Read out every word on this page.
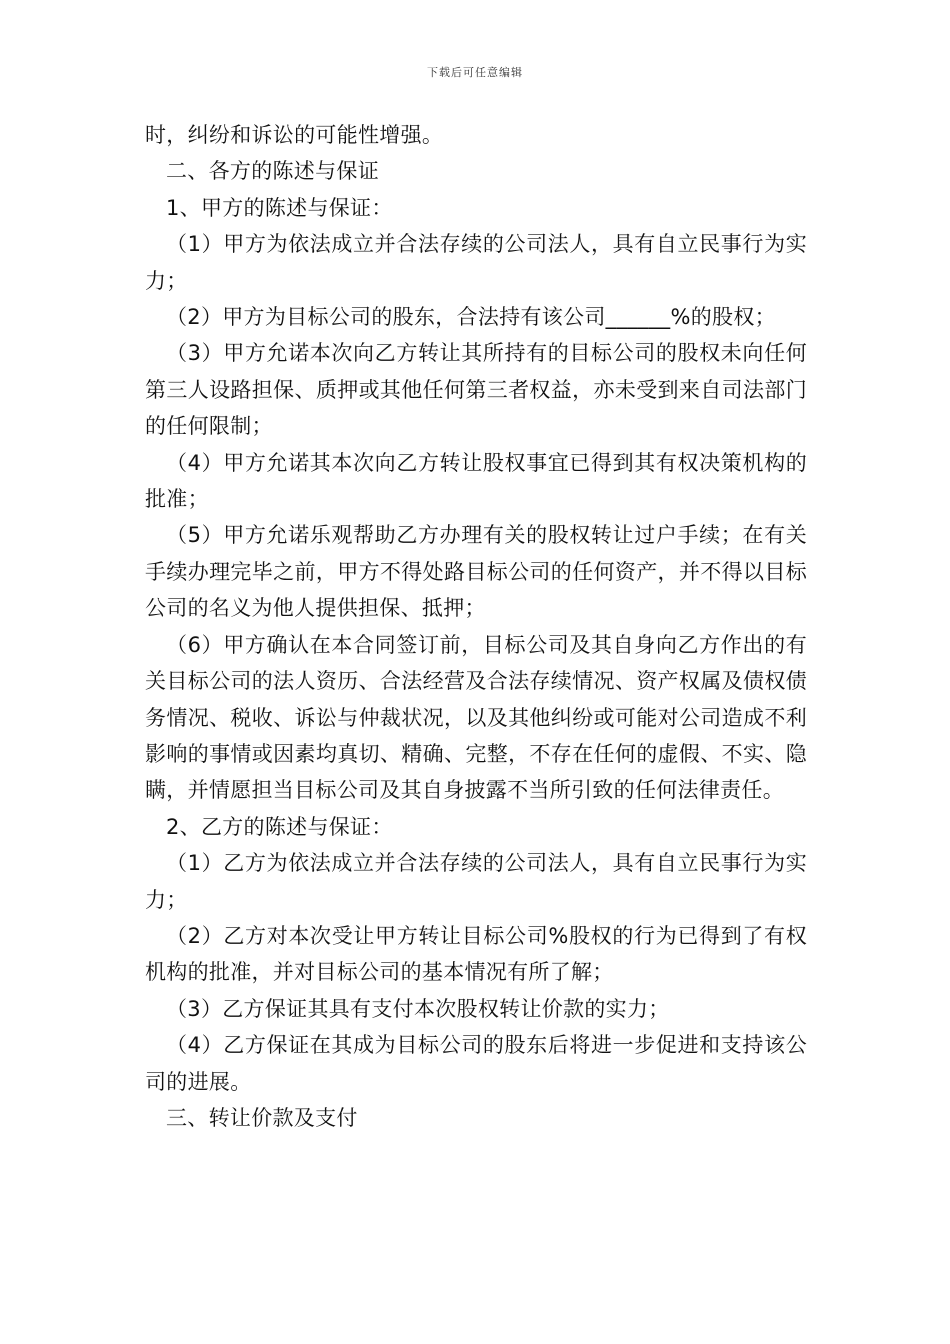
下载后可任意编辑

时，纠纷和诉讼的可能性增强。

二、各方的陈述与保证

1、甲方的陈述与保证：

（1）甲方为依法成立并合法存续的公司法人，具有自立民事行为实力；

（2）甲方为目标公司的股东，合法持有该公司______%的股权；

（3）甲方允诺本次向乙方转让其所持有的目标公司的股权未向任何第三人设路担保、质押或其他任何第三者权益，亦未受到来自司法部门的任何限制；

（4）甲方允诺其本次向乙方转让股权事宜已得到其有权决策机构的批准；

（5）甲方允诺乐观帮助乙方办理有关的股权转让过户手续；在有关手续办理完毕之前，甲方不得处路目标公司的任何资产，并不得以目标公司的名义为他人提供担保、抵押；

（6）甲方确认在本合同签订前，目标公司及其自身向乙方作出的有关目标公司的法人资历、合法经营及合法存续情况、资产权属及债权债务情况、税收、诉讼与仲裁状况，以及其他纠纷或可能对公司造成不利影响的事情或因素均真切、精确、完整，不存在任何的虚假、不实、隐瞒，并情愿担当目标公司及其自身披露不当所引致的任何法律责任。

2、乙方的陈述与保证：

（1）乙方为依法成立并合法存续的公司法人，具有自立民事行为实力；

（2）乙方对本次受让甲方转让目标公司%股权的行为已得到了有权机构的批准，并对目标公司的基本情况有所了解；

（3）乙方保证其具有支付本次股权转让价款的实力；

（4）乙方保证在其成为目标公司的股东后将进一步促进和支持该公司的进展。

三、转让价款及支付
